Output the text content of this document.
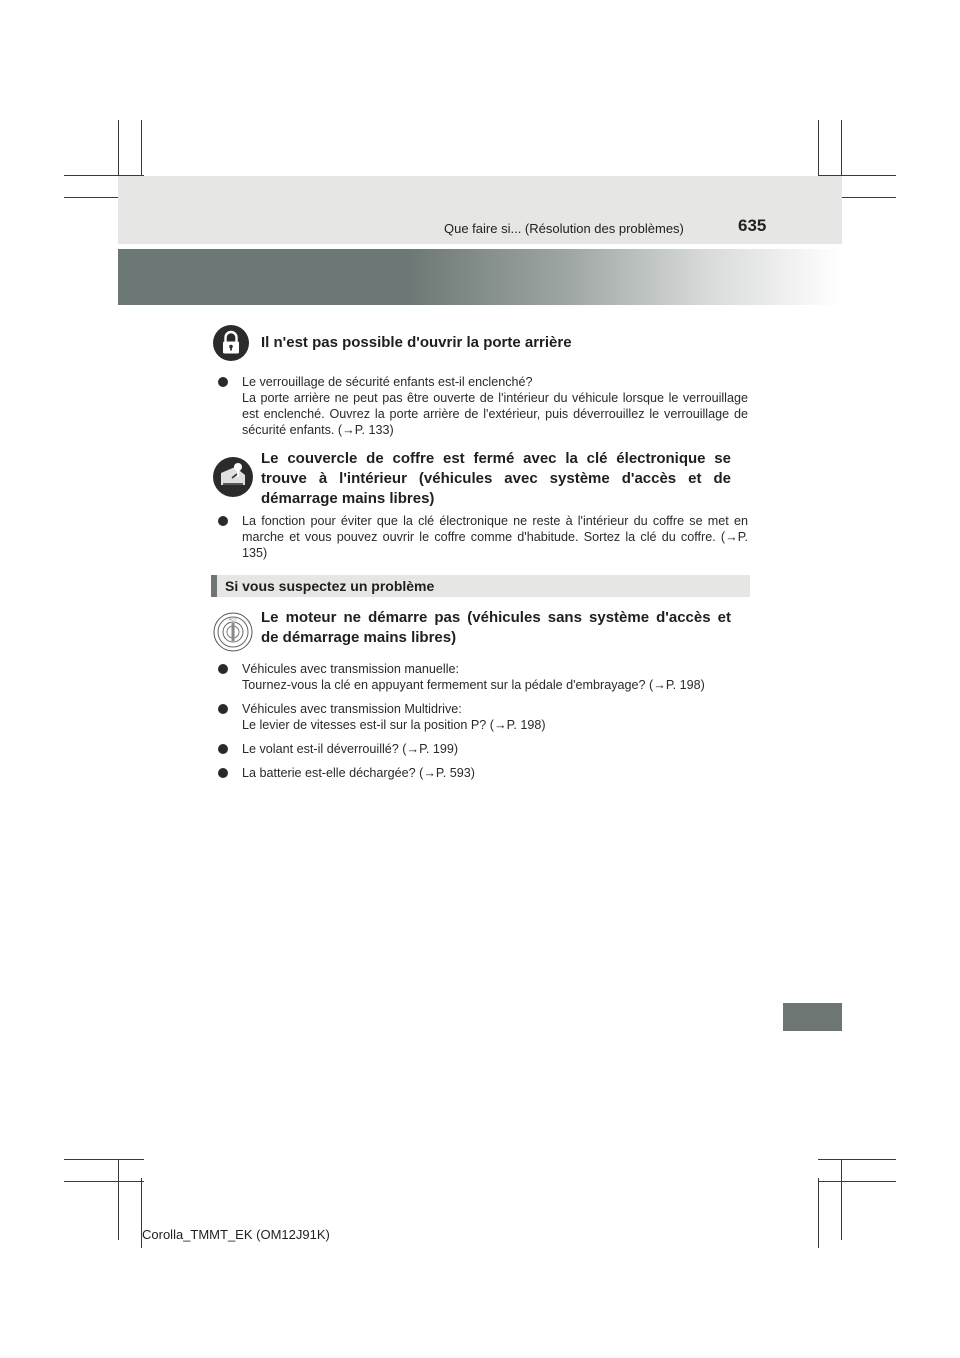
Que faire si... (Résolution des problèmes)	635
Il n'est pas possible d'ouvrir la porte arrière
Le verrouillage de sécurité enfants est-il enclenché?
La porte arrière ne peut pas être ouverte de l'intérieur du véhicule lorsque le verrouillage est enclenché. Ouvrez la porte arrière de l'extérieur, puis déverrouillez le verrouillage de sécurité enfants. (→P. 133)
Le couvercle de coffre est fermé avec la clé électronique se
trouve à l'intérieur (véhicules avec système d'accès et de
démarrage mains libres)
La fonction pour éviter que la clé électronique ne reste à l'intérieur du coffre se met en marche et vous pouvez ouvrir le coffre comme d'habitude. Sortez la clé du coffre. (→P. 135)
Si vous suspectez un problème
ACC Le moteur ne démarre pas (véhicules sans système d'accès et
de démarrage mains libres)
Véhicules avec transmission manuelle:
Tournez-vous la clé en appuyant fermement sur la pédale d'embrayage? (→P. 198)
Véhicules avec transmission Multidrive:
Le levier de vitesses est-il sur la position P? (→P. 198)
Le volant est-il déverrouillé? (→P. 199)
La batterie est-elle déchargée? (→P. 593)
Corolla_TMMT_EK (OM12J91K)
